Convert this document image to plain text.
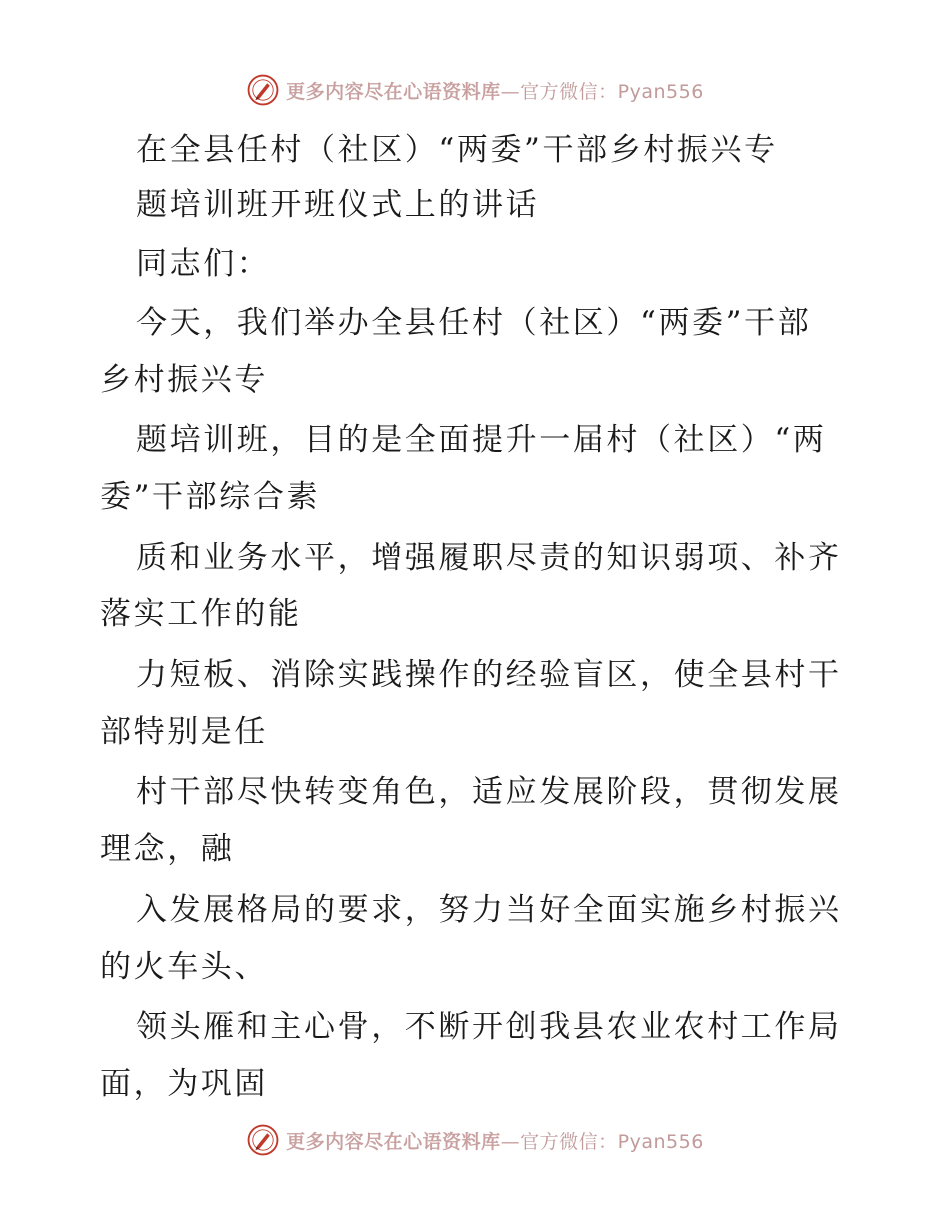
更多内容尽在心语资料库—官方微信：Pyan556
在全县任村（社区）“两委”干部乡村振兴专
题培训班开班仪式上的讲话
同志们：
今天，我们举办全县任村（社区）“两委”干部
乡村振兴专
题培训班，目的是全面提升一届村（社区）“两
委”干部综合素
质和业务水平，增强履职尽责的知识弱项、补齐
落实工作的能
力短板、消除实践操作的经验盲区，使全县村干
部特别是任
村干部尽快转变角色，适应发展阶段，贯彻发展
理念，融
入发展格局的要求，努力当好全面实施乡村振兴
的火车头、
领头雁和主心骨，不断开创我县农业农村工作局
面，为巩固
更多内容尽在心语资料库—官方微信：Pyan556
